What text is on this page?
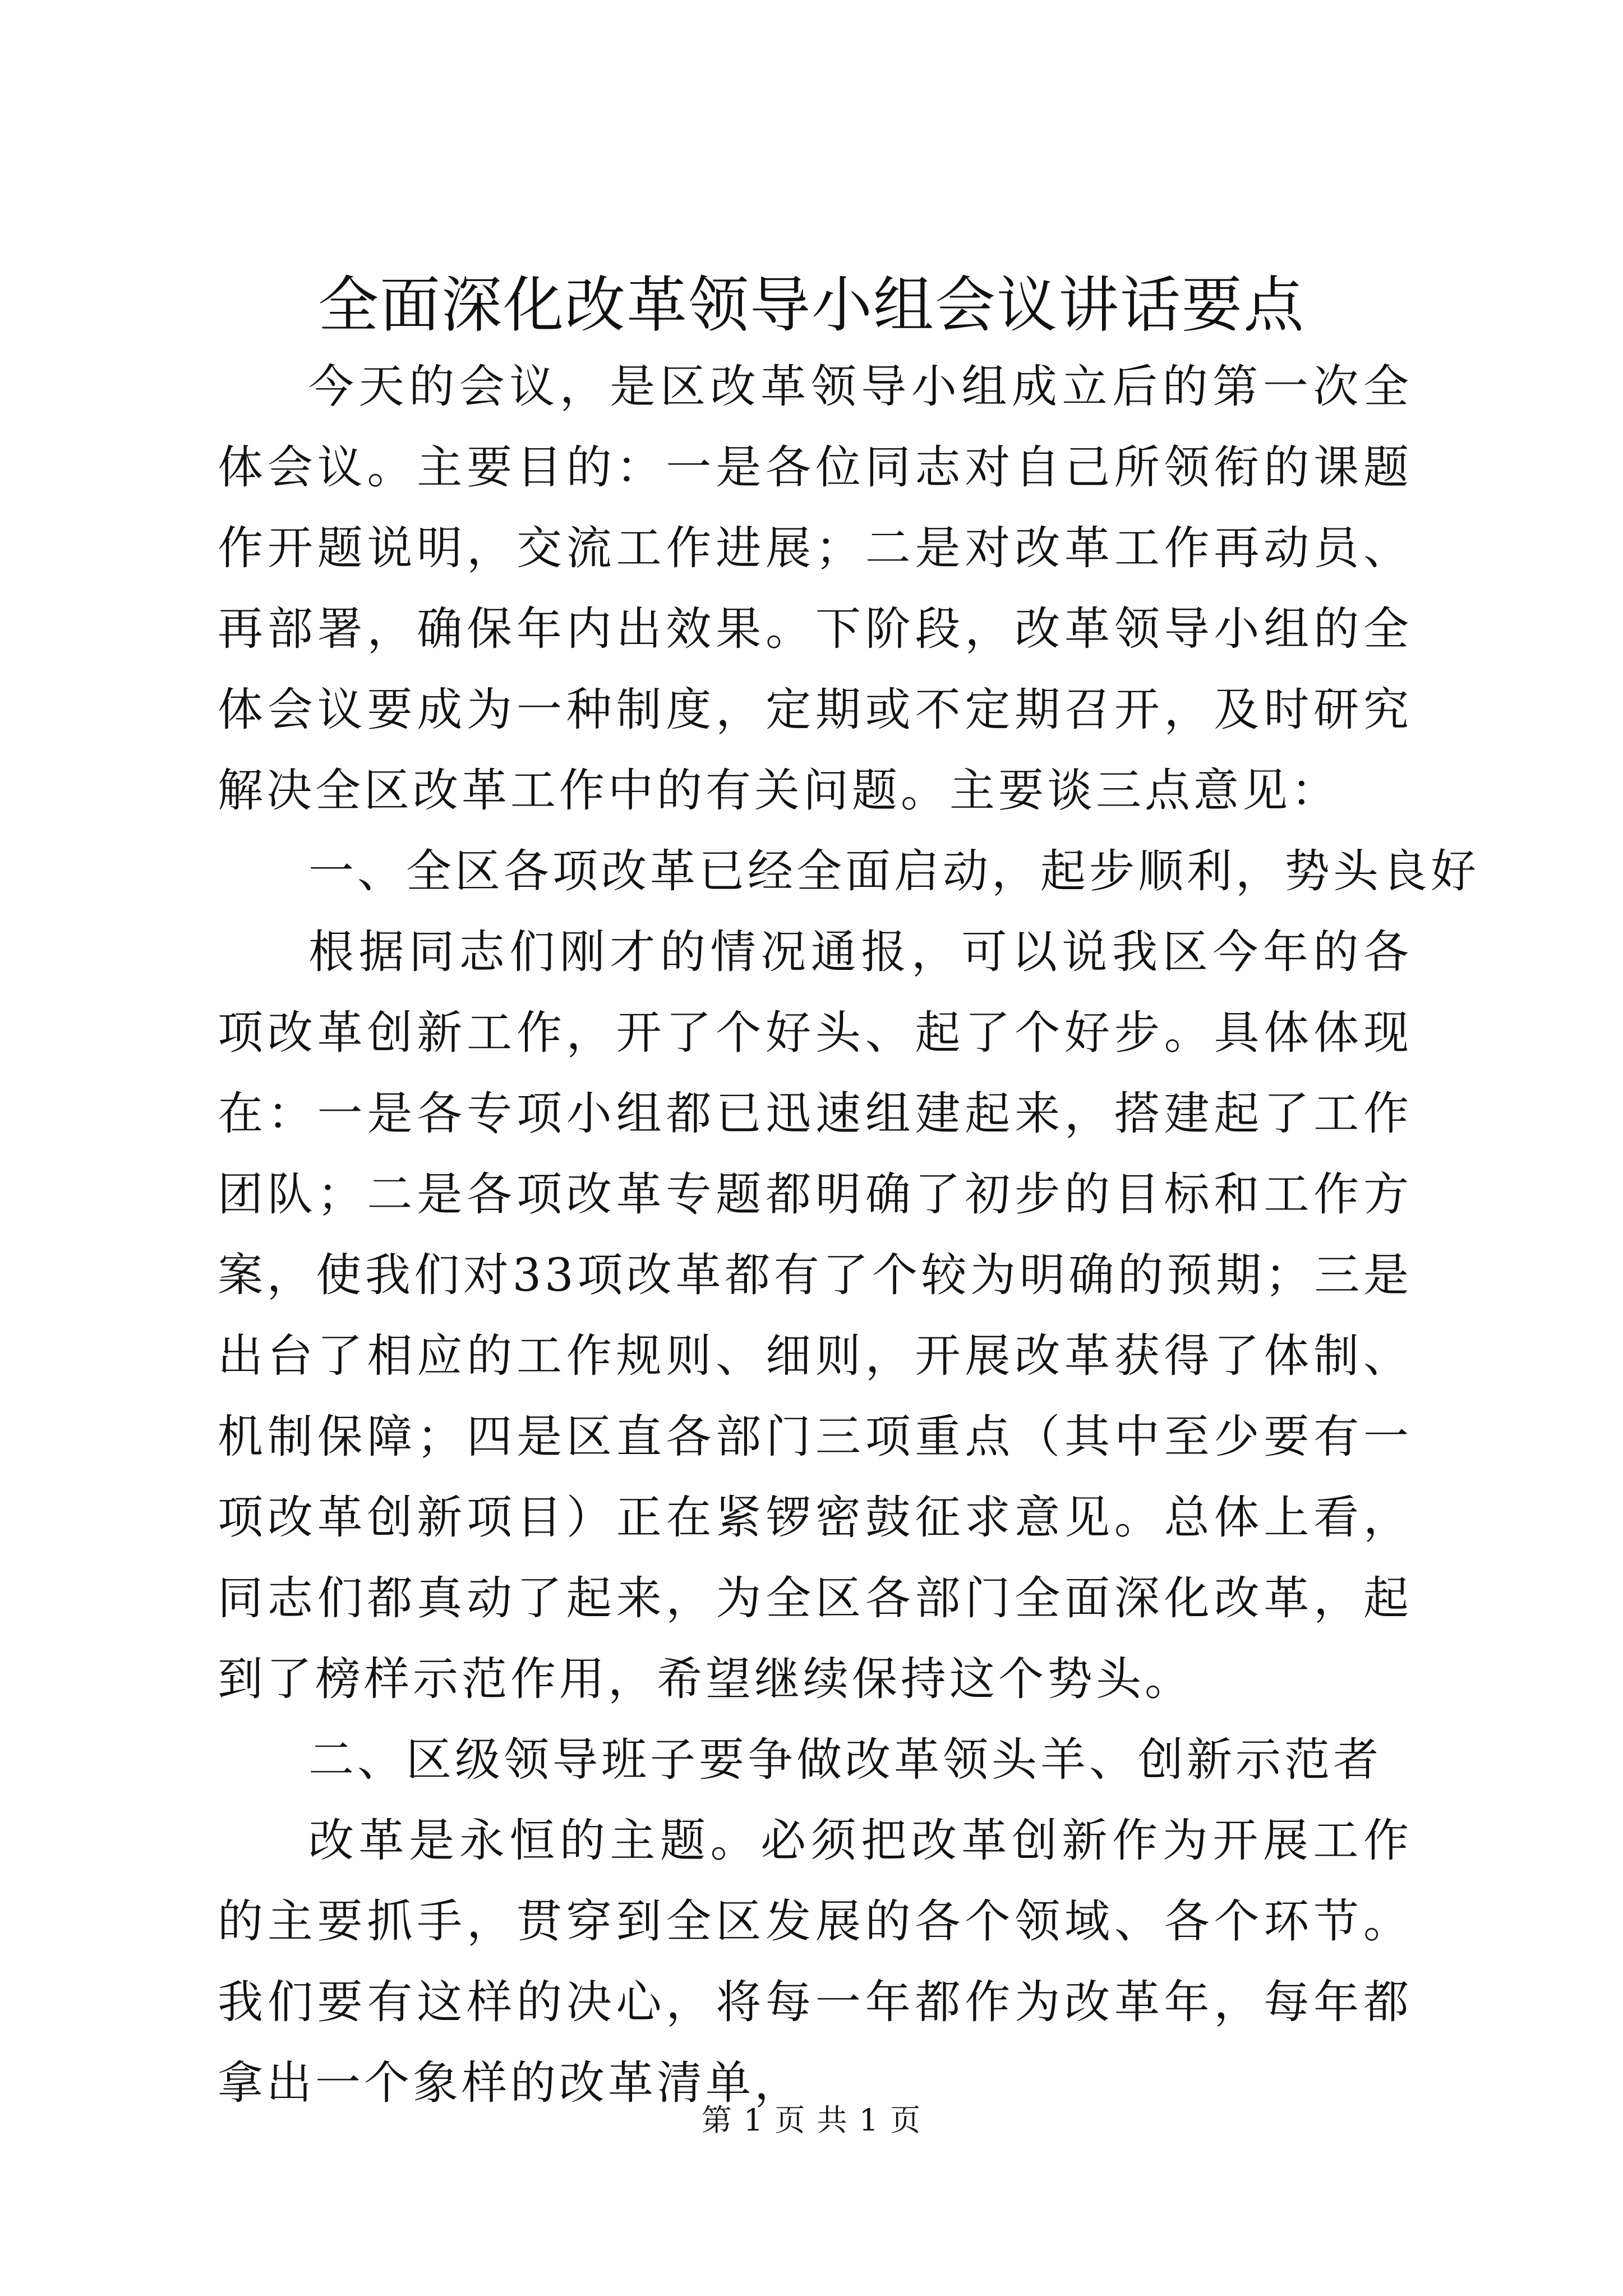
全面深化改革领导小组会议讲话要点

今天的会议，是区改革领导小组成立后的第一次全体会议。主要目的：一是各位同志对自己所领衔的课题作开题说明，交流工作进展；二是对改革工作再动员、再部署，确保年内出效果。下阶段，改革领导小组的全体会议要成为一种制度，定期或不定期召开，及时研究解决全区改革工作中的有关问题。主要谈三点意见：

一、全区各项改革已经全面启动，起步顺利，势头良好

根据同志们刚才的情况通报，可以说我区今年的各项改革创新工作，开了个好头、起了个好步。具体体现在：一是各专项小组都已迅速组建起来，搭建起了工作团队；二是各项改革专题都明确了初步的目标和工作方案，使我们对33项改革都有了个较为明确的预期；三是出台了相应的工作规则、细则，开展改革获得了体制、机制保障；四是区直各部门三项重点（其中至少要有一项改革创新项目）正在紧锣密鼓征求意见。总体上看，同志们都真动了起来，为全区各部门全面深化改革，起到了榜样示范作用，希望继续保持这个势头。

二、区级领导班子要争做改革领头羊、创新示范者

改革是永恒的主题。必须把改革创新作为开展工作的主要抓手，贯穿到全区发展的各个领域、各个环节。我们要有这样的决心，将每一年都作为改革年，每年都拿出一个象样的改革清单，

第 1 页 共 1 页
